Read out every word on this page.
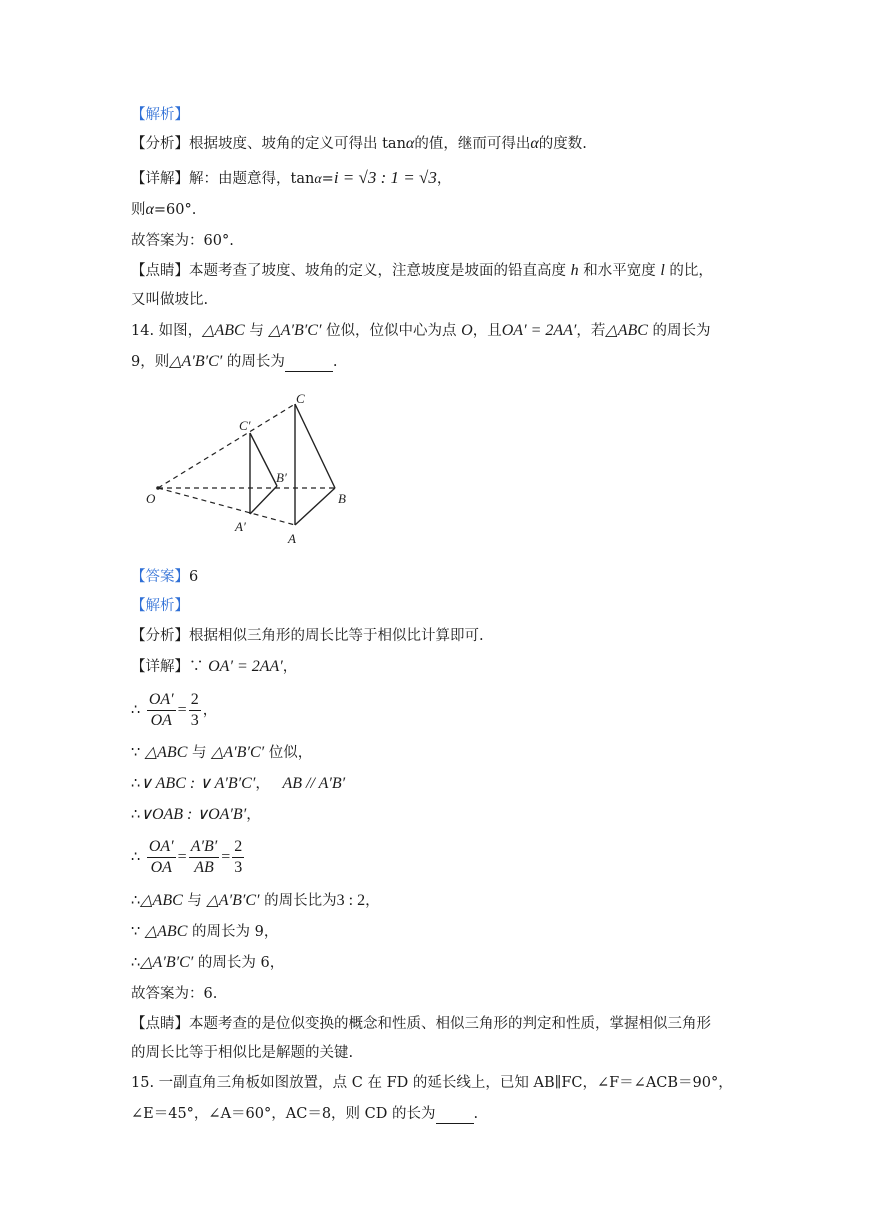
【解析】
【分析】根据坡度、坡角的定义可得出 tanα的值，继而可得出α的度数.
【详解】解：由题意得，tanα=i = √3 : 1 = √3，
则α=60°.
故答案为：60°.
【点睛】本题考查了坡度、坡角的定义，注意坡度是坡面的铅直高度 h 和水平宽度 l 的比，
又叫做坡比.
14. 如图，△ABC 与 △A′B′C′ 位似，位似中心为点 O，且OA′ = 2AA′，若△ABC 的周长为
9，则△A′B′C′ 的周长为	.
O
A
B
C
A′
B′
C′
【答案】6
【解析】
【分析】根据相似三角形的周长比等于相似比计算即可.
【详解】∵ OA′ = 2AA′，
∴ $\frac{OA'}{OA} = \frac{2}{3}$ ，
∵ △ABC 与 △A′B′C′ 位似，
∴∨ ABC : ∨ A′B′C′， AB // A′B′
∴∨OAB : ∨OA′B′，
∴ $\frac{OA'}{OA} = \frac{A'B'}{AB} = \frac{2}{3}$
∴△ABC 与 △A′B′C′ 的周长比为3 : 2，
∵ △ABC 的周长为 9，
∴△A′B′C′ 的周长为 6，
故答案为：6.
【点睛】本题考查的是位似变换的概念和性质、相似三角形的判定和性质，掌握相似三角形
的周长比等于相似比是解题的关键.
15. 一副直角三角板如图放置，点 C 在 FD 的延长线上，已知 AB∥FC，∠F＝∠ACB＝90°，
∠E＝45°，∠A＝60°，AC＝8，则 CD 的长为	.
